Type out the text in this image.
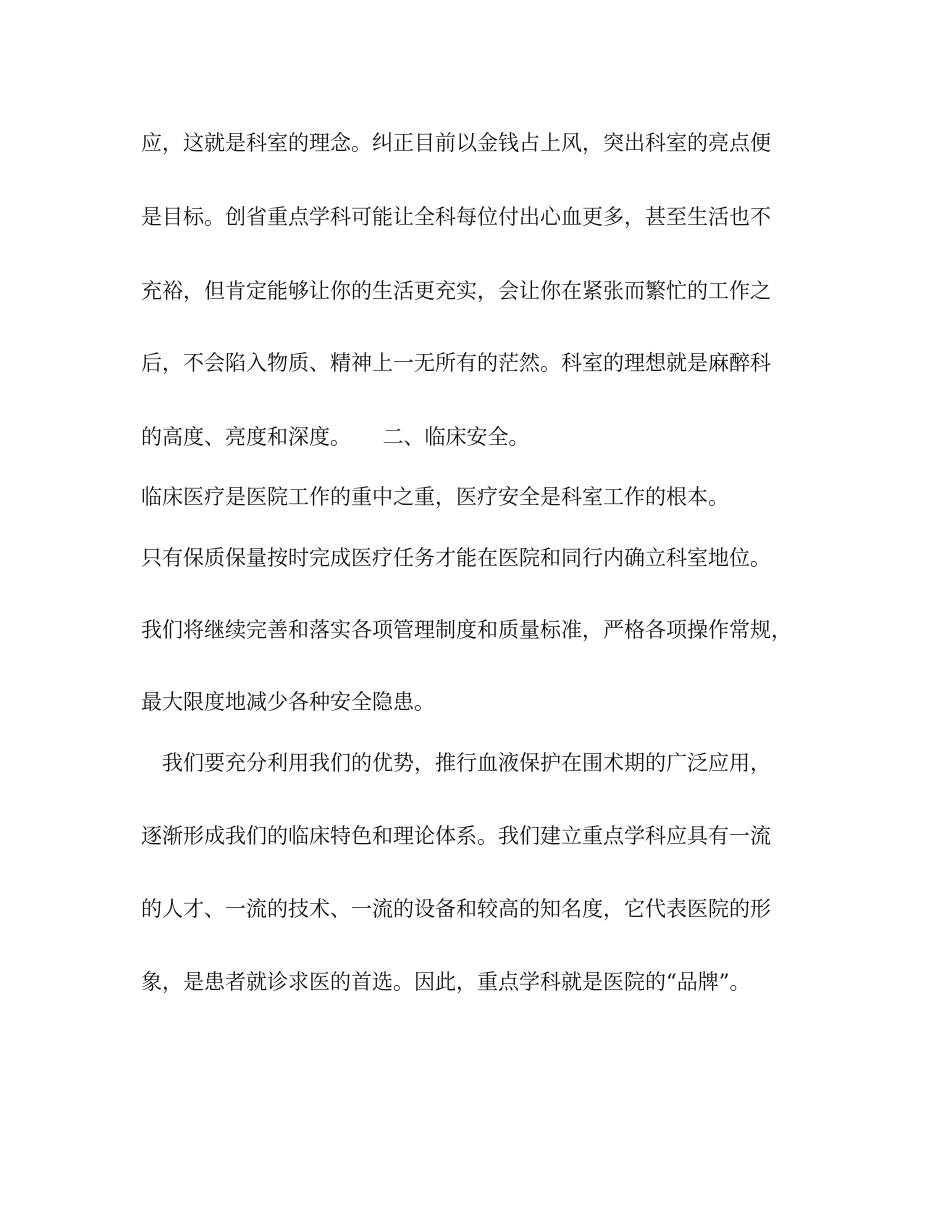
应，这就是科室的理念。纠正目前以金钱占上风，突出科室的亮点便
是目标。创省重点学科可能让全科每位付出心血更多，甚至生活也不
充裕，但肯定能够让你的生活更充实，会让你在紧张而繁忙的工作之
后，不会陷入物质、精神上一无所有的茫然。科室的理想就是麻醉科
的高度、亮度和深度。　　二、临床安全。
临床医疗是医院工作的重中之重，医疗安全是科室工作的根本。
只有保质保量按时完成医疗任务才能在医院和同行内确立科室地位。
我们将继续完善和落实各项管理制度和质量标准，严格各项操作常规，
最大限度地减少各种安全隐患。
　我们要充分利用我们的优势，推行血液保护在围术期的广泛应用，
逐渐形成我们的临床特色和理论体系。我们建立重点学科应具有一流
的人才、一流的技术、一流的设备和较高的知名度，它代表医院的形
象，是患者就诊求医的首选。因此，重点学科就是医院的“品牌”。
